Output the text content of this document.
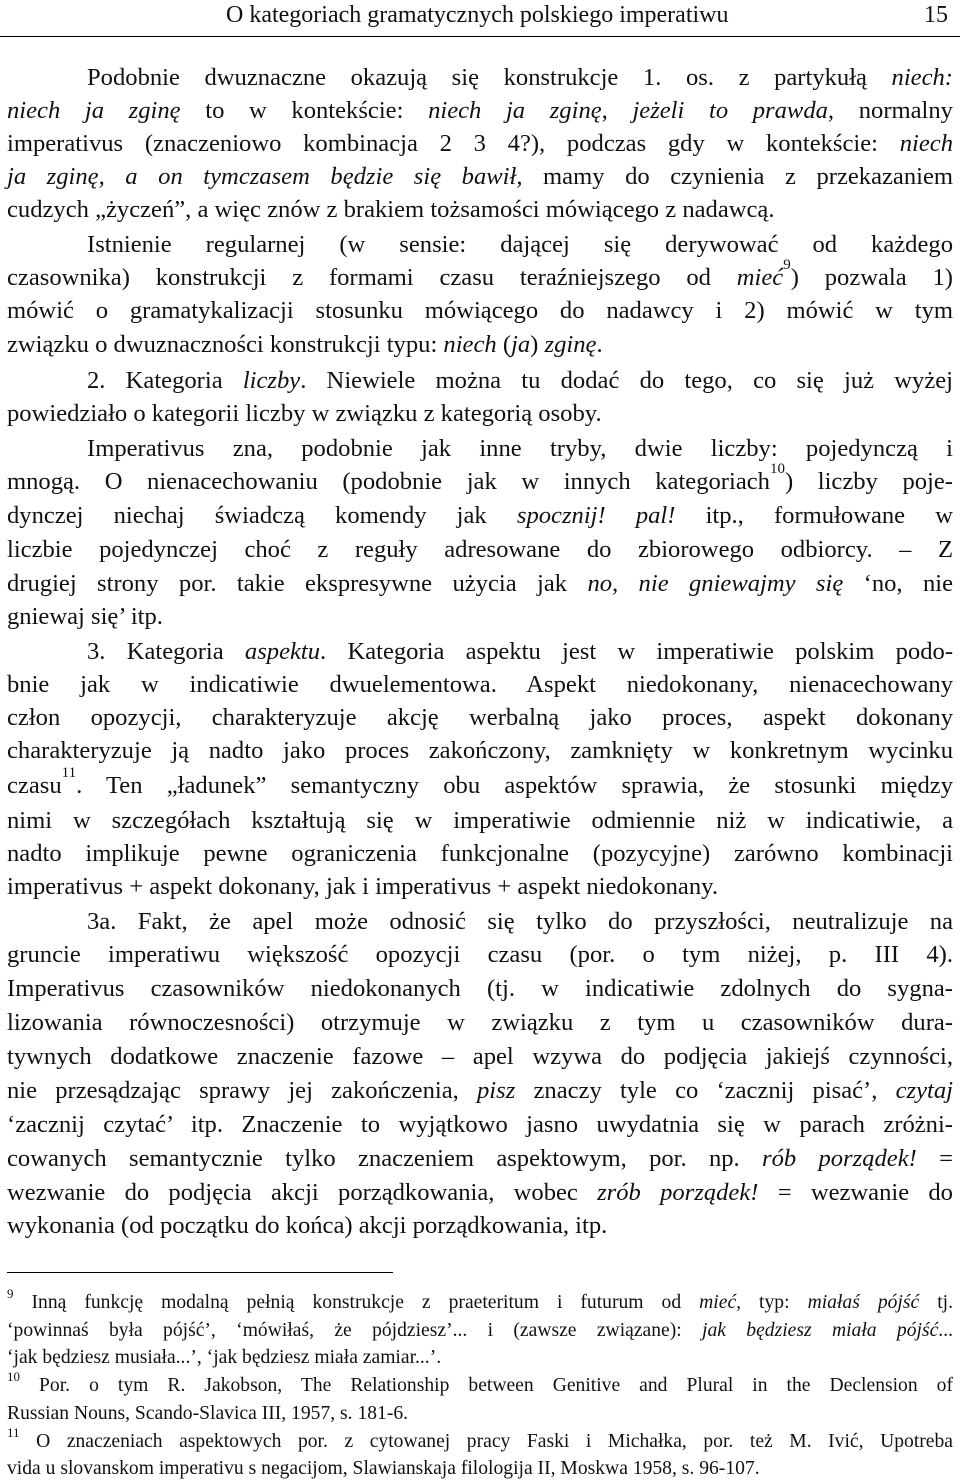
O kategoriach gramatycznych polskiego imperatiwu	15
Podobnie dwuznaczne okazują się konstrukcje 1. os. z partykułą niech:
niech ja zginę to w kontekście: niech ja zginę, jeżeli to prawda, normalny
imperativus (znaczeniowo kombinacja 2 3 4?), podczas gdy w kontekście: niech
ja zginę, a on tymczasem będzie się bawił, mamy do czynienia z przekazaniem
cudzych „życzeń”, a więc znów z brakiem tożsamości mówiącego z nadawcą.
Istnienie regularnej (w sensie: dającej się derywować od każdego
czasownika) konstrukcji z formami czasu teraźniejszego od mieć$^9$) pozwala 1)
mówić o gramatykalizacji stosunku mówiącego do nadawcy i 2) mówić w tym
związku o dwuznaczności konstrukcji typu: niech (ja) zginę.
2. Kategoria liczby. Niewiele można tu dodać do tego, co się już wyżej
powiedziało o kategorii liczby w związku z kategorią osoby.
Imperativus zna, podobnie jak inne tryby, dwie liczby: pojedynczą i
mnogą. O nienacechowaniu (podobnie jak w innych kategoriach$^{10}$) liczby poje-
dynczej niechaj świadczą komendy jak spocznij! pal! itp., formułowane w
liczbie pojedynczej choć z reguły adresowane do zbiorowego odbiorcy. – Z
drugiej strony por. takie ekspresywne użycia jak no, nie gniewajmy się ‘no, nie
gniewaj się’ itp.
3. Kategoria aspektu. Kategoria aspektu jest w imperatiwie polskim podo-
bnie jak w indicatiwie dwuelementowa. Aspekt niedokonany, nienacechowany
człon opozycji, charakteryzuje akcję werbalną jako proces, aspekt dokonany
charakteryzuje ją nadto jako proces zakończony, zamknięty w konkretnym wycinku
czasu$^{11}$. Ten „ładunek” semantyczny obu aspektów sprawia, że stosunki między
nimi w szczegółach kształtują się w imperatiwie odmiennie niż w indicatiwie, a
nadto implikuje pewne ograniczenia funkcjonalne (pozycyjne) zarówno kombinacji
imperativus + aspekt dokonany, jak i imperativus + aspekt niedokonany.
3a. Fakt, że apel może odnosić się tylko do przyszłości, neutralizuje na
gruncie imperatiwu większość opozycji czasu (por. o tym niżej, p. III 4).
Imperativus czasowników niedokonanych (tj. w indicatiwie zdolnych do sygna-
lizowania równoczesności) otrzymuje w związku z tym u czasowników dura-
tywnych dodatkowe znaczenie fazowe – apel wzywa do podjęcia jakiejś czynności,
nie przesądzając sprawy jej zakończenia, pisz znaczy tyle co ‘zacznij pisać’, czytaj
‘zacznij czytać’ itp. Znaczenie to wyjątkowo jasno uwydatnia się w parach zróżni-
cowanych semantycznie tylko znaczeniem aspektowym, por. np. rób porządek! =
wezwanie do podjęcia akcji porządkowania, wobec zrób porządek! = wezwanie do
wykonania (od początku do końca) akcji porządkowania, itp.
$^9$ Inną funkcję modalną pełnią konstrukcje z praeteritum i futurum od mieć, typ: miałaś pójść tj.
‘powinnaś była pójść’, ‘mówiłaś, że pójdziesz’... i (zawsze związane): jak będziesz miała pójść...
‘jak będziesz musiała...’, ‘jak będziesz miała zamiar...’.
$^{10}$ Por. o tym R. Jakobson, The Relationship between Genitive and Plural in the Declension of
Russian Nouns, Scando-Slavica III, 1957, s. 181-6.
$^{11}$ O znaczeniach aspektowych por. z cytowanej pracy Faski i Michałka, por. też M. Ivić, Upotreba
vida u slovanskom imperativu s negacijom, Slawianskaja filologija II, Moskwa 1958, s. 96-107.
